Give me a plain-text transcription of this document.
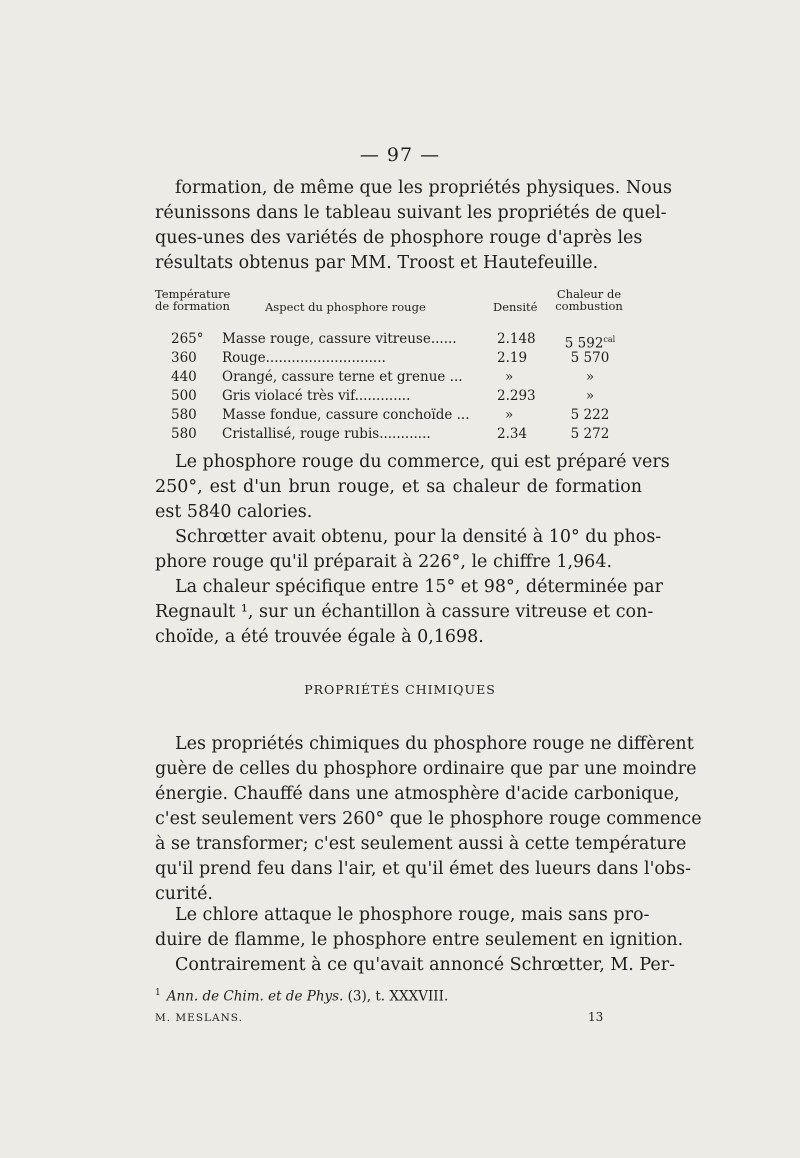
— 97 —

formation, de même que les propriétés physiques. Nous
réunissons dans le tableau suivant les propriétés de quel-
ques-unes des variétés de phosphore rouge d'après les
résultats obtenus par MM. Troost et Hautefeuille.

Température de formation	Aspect du phosphore rouge	Densité
Chaleur de combustion
265° Masse rouge, cassure vitreuse......	2.148	5 $592^{cal}$
360 Rouge............................	2.19	5 570
440 Orangé, cassure terne et grenue ...	»	»
500 Gris violacé très vif.............	2.293	»
580 Masse fondue, cassure conchoïde ...	»	5 222
580 Cristallisé, rouge rubis............	2.34	5 272

Le phosphore rouge du commerce, qui est préparé vers
250°, est d'un brun rouge, et sa chaleur de formation
est 5840 calories.

Schrœtter avait obtenu, pour la densité à 10° du phos-
phore rouge qu'il préparait à 226°, le chiffre 1,964.

La chaleur spécifique entre 15° et 98°, déterminée par
Regnault ¹, sur un échantillon à cassure vitreuse et con-
choïde, a été trouvée égale à 0,1698.

PROPRIÉTÉS CHIMIQUES

Les propriétés chimiques du phosphore rouge ne diffèrent
guère de celles du phosphore ordinaire que par une moindre
énergie. Chauffé dans une atmosphère d'acide carbonique,
c'est seulement vers 260° que le phosphore rouge commence
à se transformer; c'est seulement aussi à cette température
qu'il prend feu dans l'air, et qu'il émet des lueurs dans l'obs-
curité.

Le chlore attaque le phosphore rouge, mais sans pro-
duire de flamme, le phosphore entre seulement en ignition.

Contrairement à ce qu'avait annoncé Schrœtter, M. Per-

$^1$ Ann. de Chim. et de Phys. (3), t. XXXVIII.
M. MESLANS.	13
